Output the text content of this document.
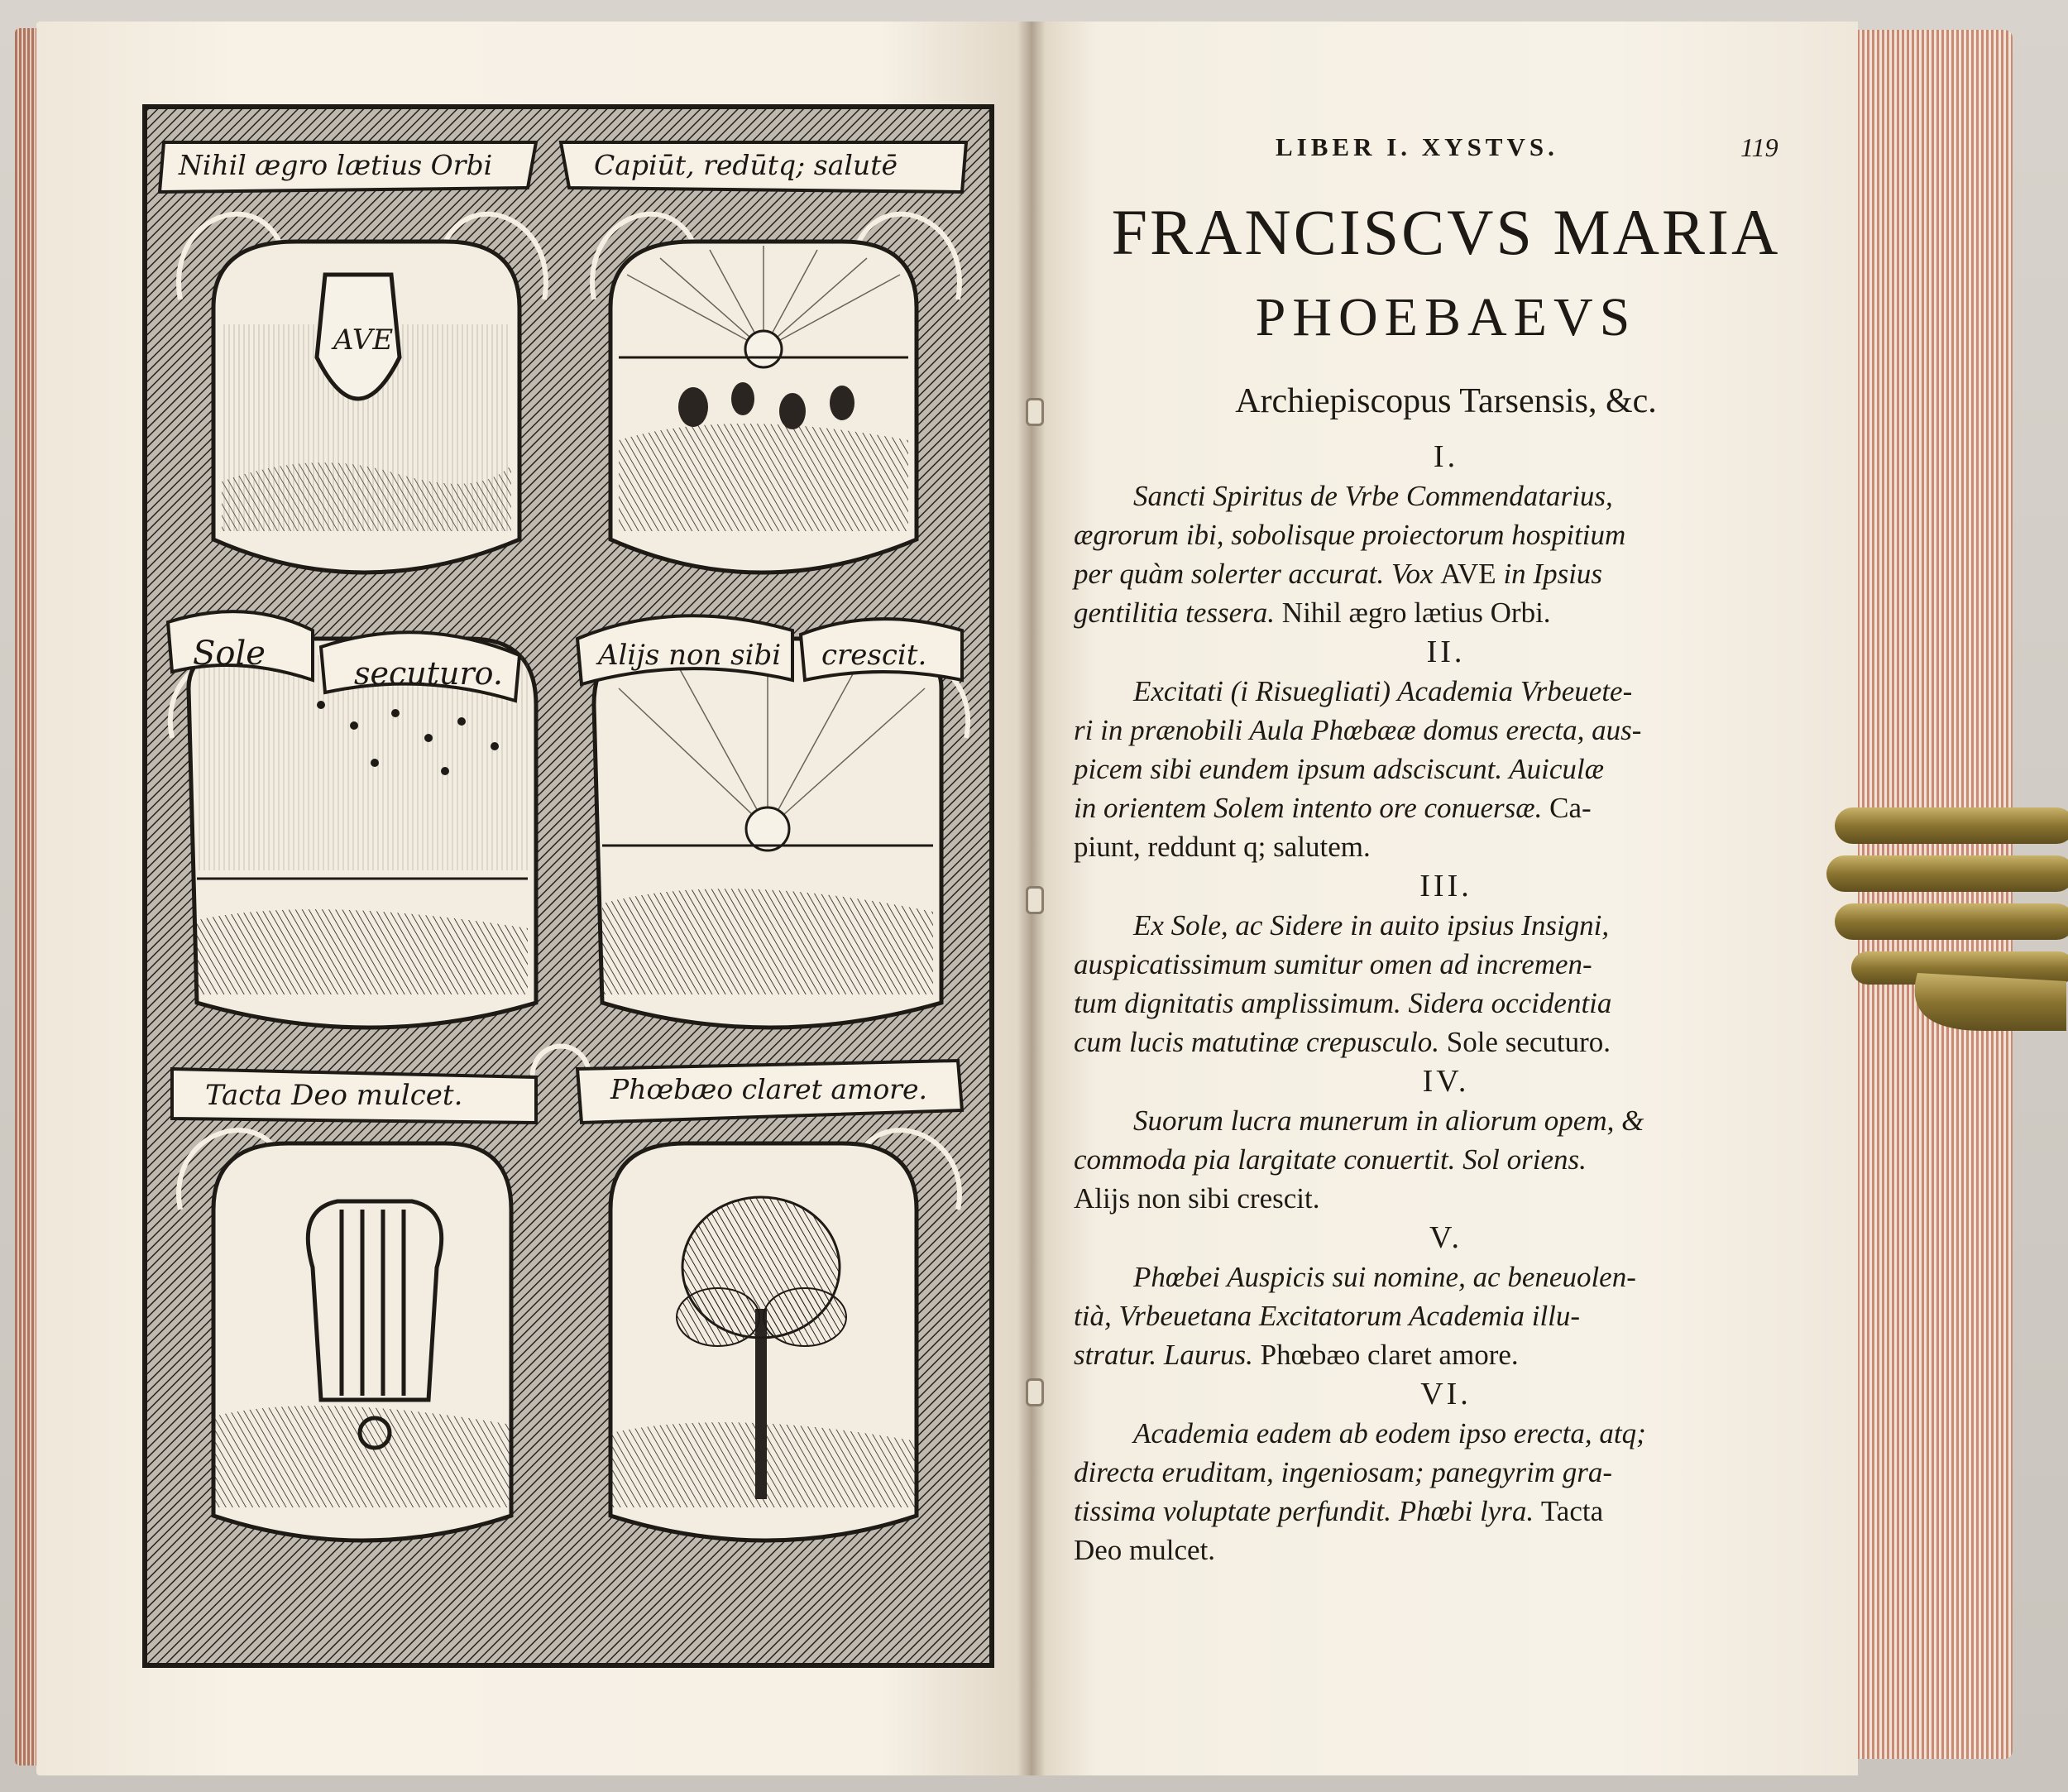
AVE
Nihil ægro lætius Orbi	Capiūt, redūtq; salutē
Sole
secuturo.	Alijs non sibi crescit.
Tacta Deo mulcet.	Phœbæo claret amore.
LIBER I. XYSTVS.	119
FRANCISCVS MARIA
PHOEBAEVS
Archiepiscopus Tarsensis, &c.
I.
Sancti Spiritus de Vrbe Commendatarius,
ægrorum ibi, sobolisque proiectorum hospitium
per quàm solerter accurat. Vox AVE in Ipsius
gentilitia tessera. Nihil ægro lætius Orbi.
II.
Excitati (i Risuegliati) Academia Vrbeuete-
ri in prænobili Aula Phœbææ domus erecta, aus-
picem sibi eundem ipsum adsciscunt. Auiculæ
in orientem Solem intento ore conuersæ. Ca-
piunt, reddunt q; salutem.
III.
Ex Sole, ac Sidere in auito ipsius Insigni,
auspicatissimum sumitur omen ad incremen-
tum dignitatis amplissimum. Sidera occidentia
cum lucis matutinæ crepusculo. Sole secuturo.
IV.
Suorum lucra munerum in aliorum opem, &
commoda pia largitate conuertit. Sol oriens.
Alijs non sibi crescit.
V.
Phœbei Auspicis sui nomine, ac beneuolen-
tià, Vrbeuetana Excitatorum Academia illu-
stratur. Laurus. Phœbæo claret amore.
VI.
Academia eadem ab eodem ipso erecta, atq;
directa eruditam, ingeniosam; panegyrim gra-
tissima voluptate perfundit. Phœbi lyra. Tacta
Deo mulcet.
